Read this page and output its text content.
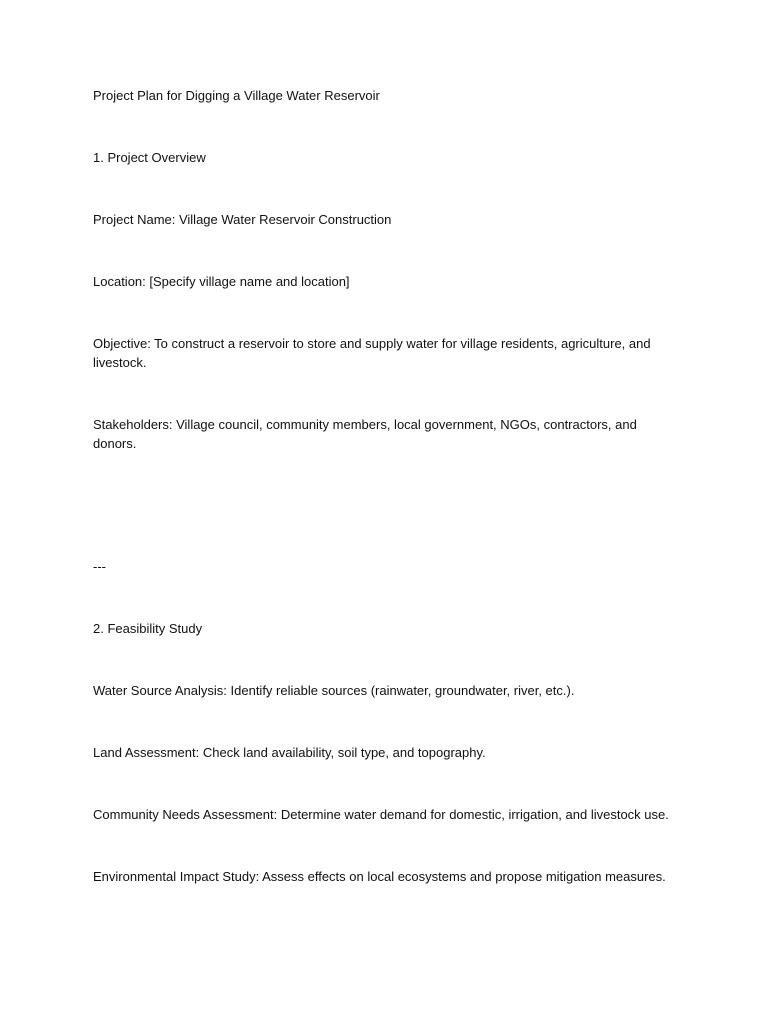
Project Plan for Digging a Village Water Reservoir
1. Project Overview
Project Name: Village Water Reservoir Construction
Location: [Specify village name and location]
Objective: To construct a reservoir to store and supply water for village residents, agriculture, and livestock.
Stakeholders: Village council, community members, local government, NGOs, contractors, and donors.
---
2. Feasibility Study
Water Source Analysis: Identify reliable sources (rainwater, groundwater, river, etc.).
Land Assessment: Check land availability, soil type, and topography.
Community Needs Assessment: Determine water demand for domestic, irrigation, and livestock use.
Environmental Impact Study: Assess effects on local ecosystems and propose mitigation measures.
